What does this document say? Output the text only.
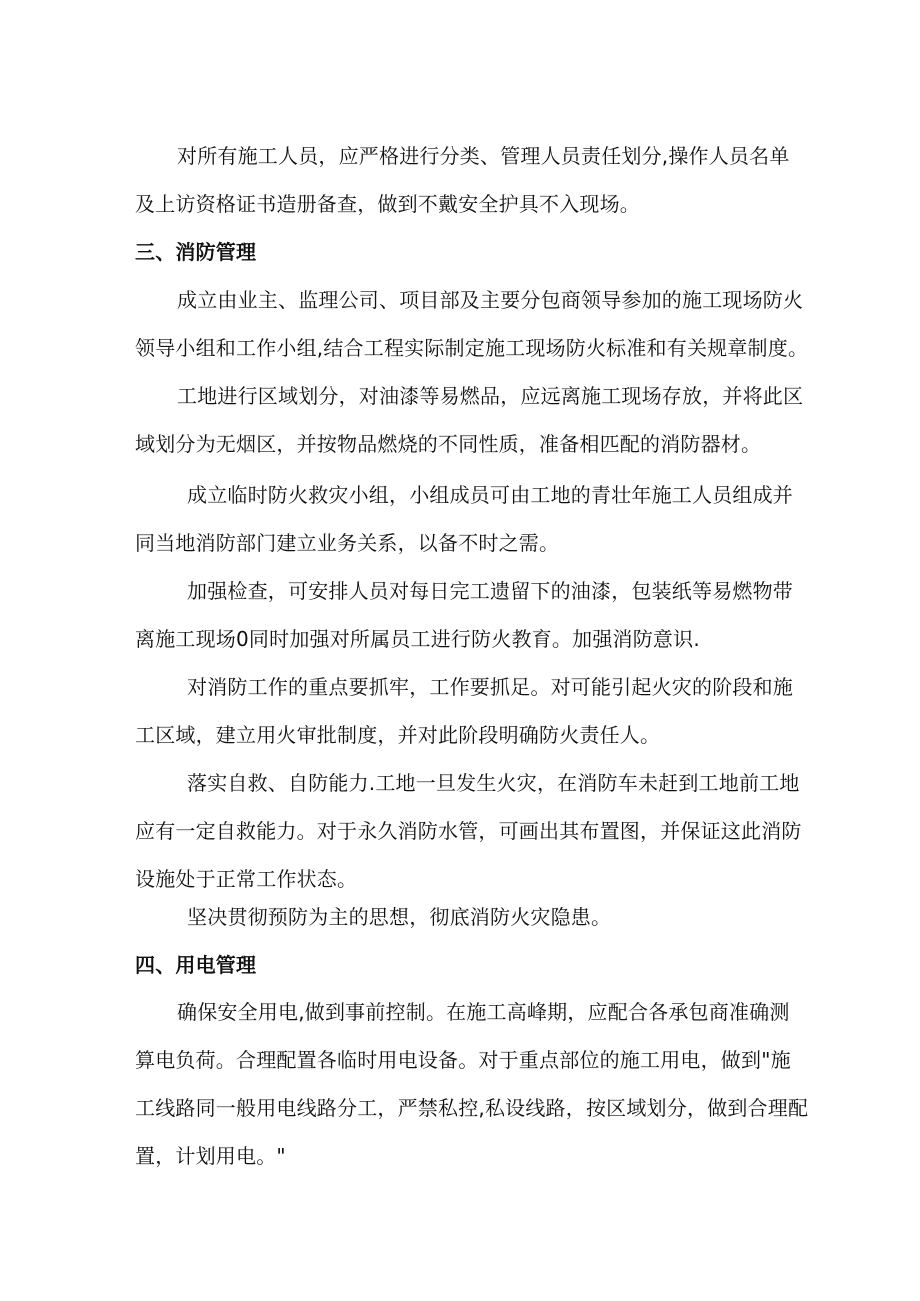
对所有施工人员，应严格进行分类、管理人员责任划分,操作人员名单
及上访资格证书造册备查，做到不戴安全护具不入现场。
三、消防管理
成立由业主、监理公司、项目部及主要分包商领导参加的施工现场防火
领导小组和工作小组,结合工程实际制定施工现场防火标准和有关规章制度。
工地进行区域划分，对油漆等易燃品，应远离施工现场存放，并将此区
域划分为无烟区，并按物品燃烧的不同性质，准备相匹配的消防器材。
成立临时防火救灾小组，小组成员可由工地的青壮年施工人员组成并
同当地消防部门建立业务关系，以备不时之需。
加强检查，可安排人员对每日完工遗留下的油漆，包装纸等易燃物带
离施工现场0同时加强对所属员工进行防火教育。加强消防意识.
对消防工作的重点要抓牢，工作要抓足。对可能引起火灾的阶段和施
工区域，建立用火审批制度，并对此阶段明确防火责任人。
落实自救、自防能力.工地一旦发生火灾，在消防车未赶到工地前工地
应有一定自救能力。对于永久消防水管，可画出其布置图，并保证这此消防
设施处于正常工作状态。
坚决贯彻预防为主的思想，彻底消防火灾隐患。
四、用电管理
确保安全用电,做到事前控制。在施工高峰期，应配合各承包商准确测
算电负荷。合理配置各临时用电设备。对于重点部位的施工用电，做到"施
工线路同一般用电线路分工，严禁私控,私设线路，按区域划分，做到合理配
置，计划用电。"
